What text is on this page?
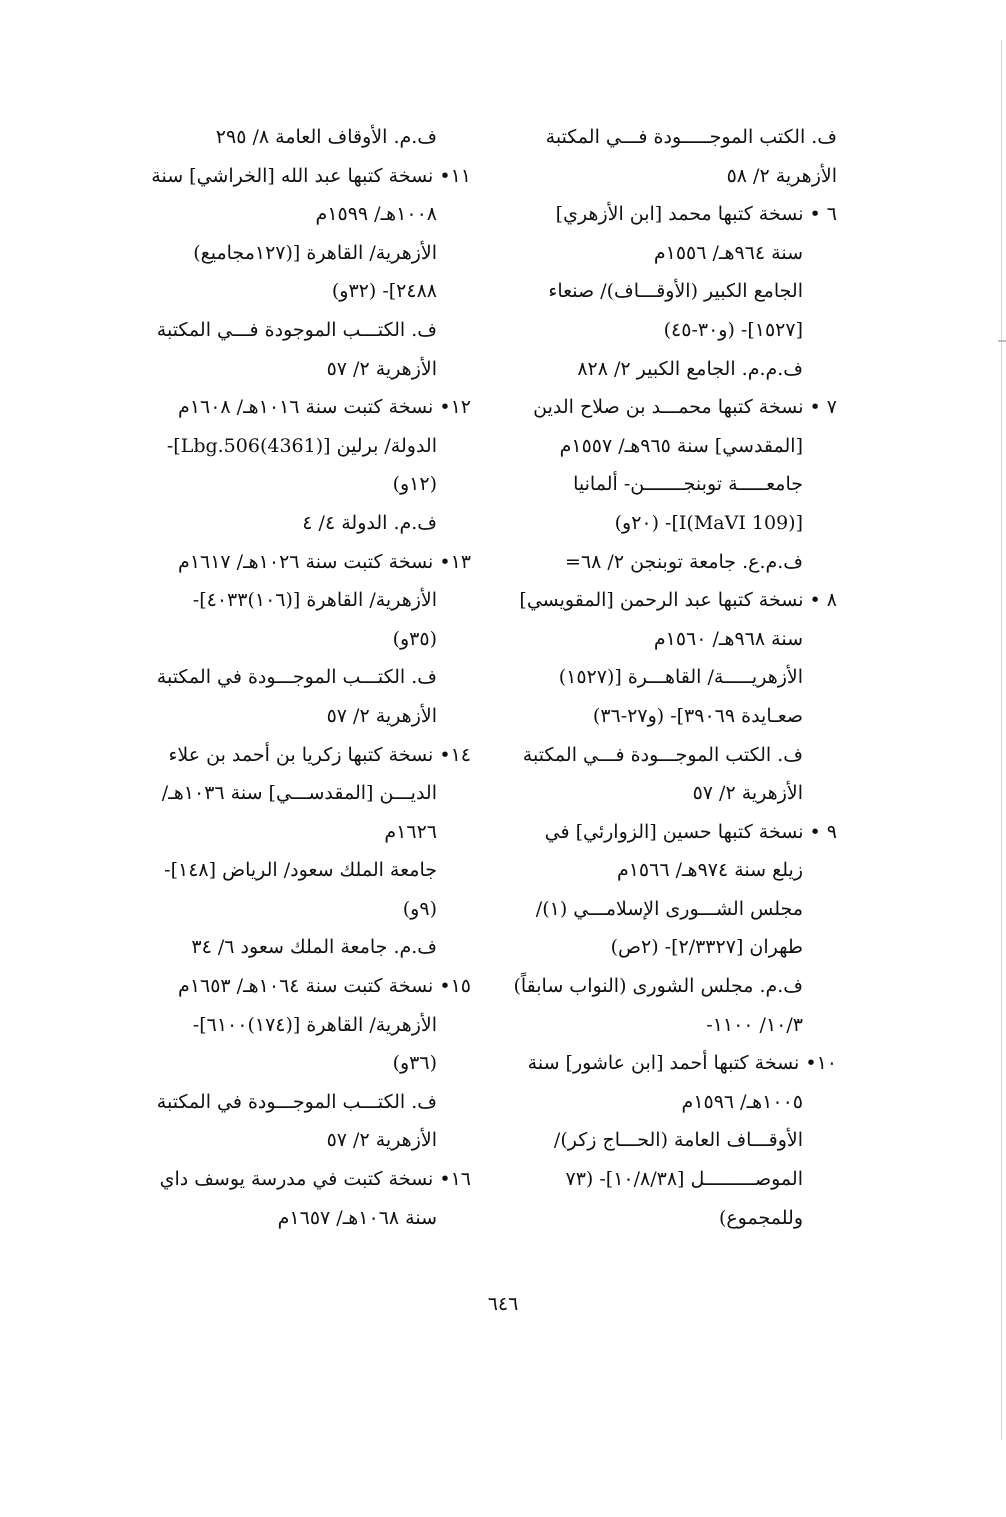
ف. الكتب الموجـــــودة فـــي المكتبة
الأزهرية ٢/ ٥٨
٦ • نسخة كتبها محمد [ابن الأزهري]
سنة ٩٦٤هـ/ ١٥٥٦م
الجامع الكبير (الأوقـــاف)/ صنعاء
[١٥٢٧]- (و٣٠-٤٥)
ف.م.م. الجامع الكبير ٢/ ٨٢٨
٧ • نسخة كتبها محمـــد بن صلاح الدين
[المقدسي] سنة ٩٦٥هـ/ ١٥٥٧م
جامعـــــة توبنجـــــــن- ألمانيا
[(MaVI 109)I]- (٢٠و)
ف.م.ع. جامعة توبنجن ٢/ ٦٨=
٨ • نسخة كتبها عبد الرحمن [المقويسي]
سنة ٩٦٨هـ/ ١٥٦٠م
الأزهريـــــة/ القاهـــرة [(١٥٢٧)
صعـايدة ٣٩٠٦٩]- (و٢٧-٣٦)
ف. الكتب الموجـــودة فـــي المكتبة
الأزهرية ٢/ ٥٧
٩ • نسخة كتبها حسين [الزوارئي] في
زيلع سنة ٩٧٤هـ/ ١٥٦٦م
مجلس الشـــورى الإسلامـــي (١)/
طهران [٢/٣٣٢٧]- (٢ص)
ف.م. مجلس الشورى (النواب سابقاً)
١٠/٣/ ١١٠٠-
١٠• نسخة كتبها أحمد [ابن عاشور] سنة
١٠٠٥هـ/ ١٥٩٦م
الأوقـــاف العامة (الحـــاج زكر)/
الموصـــــــــل [١٠/٨/٣٨]- (٧٣
وللمجموع)
ف.م. الأوقاف العامة ٨/ ٢٩٥
١١• نسخة كتبها عبد الله [الخراشي] سنة
١٠٠٨هـ/ ١٥٩٩م
الأزهرية/ القاهرة [(١٢٧مجاميع)
٢٤٨٨]- (٣٢و)
ف. الكتـــب الموجودة فـــي المكتبة
الأزهرية ٢/ ٥٧
١٢• نسخة كتبت سنة ١٠١٦هـ/ ١٦٠٨م
الدولة/ برلين [(4361)Lbg.506]-
(١٢و)
ف.م. الدولة ٤/ ٤
١٣• نسخة كتبت سنة ١٠٢٦هـ/ ١٦١٧م
الأزهرية/ القاهرة [(١٠٦)٤٠٣٣]-
(٣٥و)
ف. الكتـــب الموجـــودة في المكتبة
الأزهرية ٢/ ٥٧
١٤• نسخة كتبها زكريا بن أحمد بن علاء
الديـــن [المقدســـي] سنة ١٠٣٦هـ/
١٦٢٦م
جامعة الملك سعود/ الرياض [١٤٨]-
(٩و)
ف.م. جامعة الملك سعود ٦/ ٣٤
١٥• نسخة كتبت سنة ١٠٦٤هـ/ ١٦٥٣م
الأزهرية/ القاهرة [(١٧٤)٦١٠٠]-
(٣٦و)
ف. الكتـــب الموجـــودة في المكتبة
الأزهرية ٢/ ٥٧
١٦• نسخة كتبت في مدرسة يوسف داي
سنة ١٠٦٨هـ/ ١٦٥٧م
٦٤٦
